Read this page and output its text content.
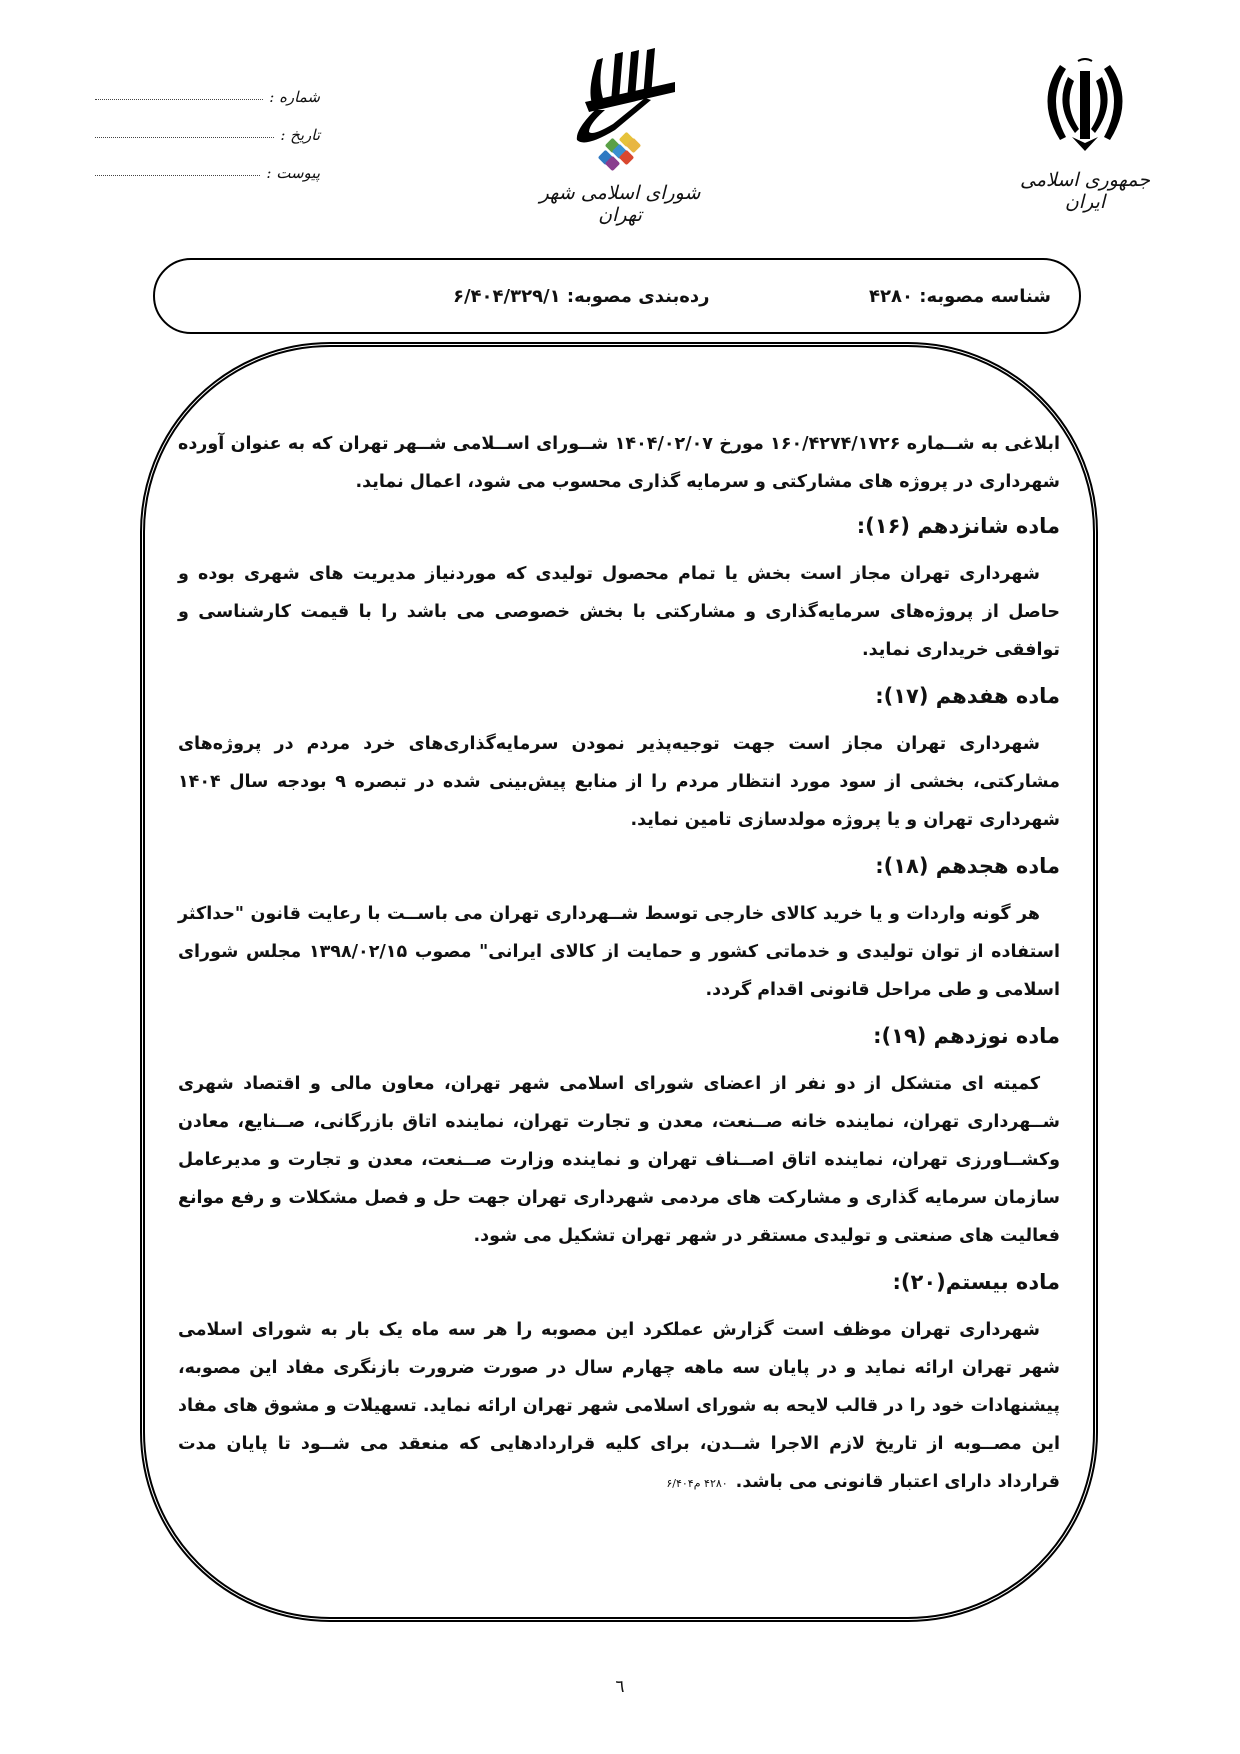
شماره :
تاریخ :
پیوست :
شورای اسلامی شهر تهران
جمهوری اسلامی ایران
شناسه مصوبه: ۴۲۸۰
رده‌بندی مصوبه: ۶/۴۰۴/۳۲۹/۱

ابلاغی به شــماره ۱۶۰/۴۲۷۴/۱۷۲۶ مورخ ۱۴۰۴/۰۲/۰۷ شــورای اســلامی شــهر تهران که به عنوان آورده شهرداری در پروژه های مشارکتی و سرمایه گذاری محسوب می شود، اعمال نماید.

ماده شانزدهم (۱۶):

شهرداری تهران مجاز است بخش یا تمام محصول تولیدی که موردنیاز مدیریت های شهری بوده و حاصل از پروژه‌های سرمایه‌گذاری و مشارکتی با بخش خصوصی می باشد را با قیمت کارشناسی و توافقی خریداری نماید.

ماده هفدهم (۱۷):

شهرداری تهران مجاز است جهت توجیه‌پذیر نمودن سرمایه‌گذاری‌های خرد مردم در پروژه‌های مشارکتی، بخشی از سود مورد انتظار مردم را از منابع پیش‌بینی شده در تبصره ۹ بودجه سال ۱۴۰۴ شهرداری تهران و یا پروژه مولدسازی تامین نماید.

ماده هجدهم (۱۸):

هر گونه واردات و یا خرید کالای خارجی توسط شــهرداری تهران می باســت با رعایت قانون "حداکثر استفاده از توان تولیدی و خدماتی کشور و حمایت از کالای ایرانی" مصوب ۱۳۹۸/۰۲/۱۵ مجلس شورای اسلامی و طی مراحل قانونی اقدام گردد.

ماده نوزدهم (۱۹):

کمیته ای متشکل از دو نفر از اعضای شورای اسلامی شهر تهران، معاون مالی و اقتصاد شهری شــهرداری تهران، نماینده خانه صــنعت، معدن و تجارت تهران، نماینده اتاق بازرگانی، صــنایع، معادن وکشــاورزی تهران، نماینده اتاق اصــناف تهران و نماینده وزارت صــنعت، معدن و تجارت و مدیرعامل سازمان سرمایه گذاری و مشارکت های مردمی شهرداری تهران جهت حل و فصل مشکلات و رفع موانع فعالیت های صنعتی و تولیدی مستقر در شهر تهران تشکیل می شود.

ماده بیستم(۲۰):

شهرداری تهران موظف است گزارش عملکرد این مصوبه را هر سه ماه یک بار به شورای اسلامی شهر تهران ارائه نماید و در پایان سه ماهه چهارم سال در صورت ضرورت بازنگری مفاد این مصوبه، پیشنهادات خود را در قالب لایحه به شورای اسلامی شهر تهران ارائه نماید. تسهیلات و مشوق های مفاد این مصــوبه از تاریخ لازم الاجرا شــدن، برای کلیه قراردادهایی که منعقد می شــود تا پایان مدت قرارداد دارای اعتبار قانونی می باشد.۴۲۸۰ م۶/۴۰۴

٦
